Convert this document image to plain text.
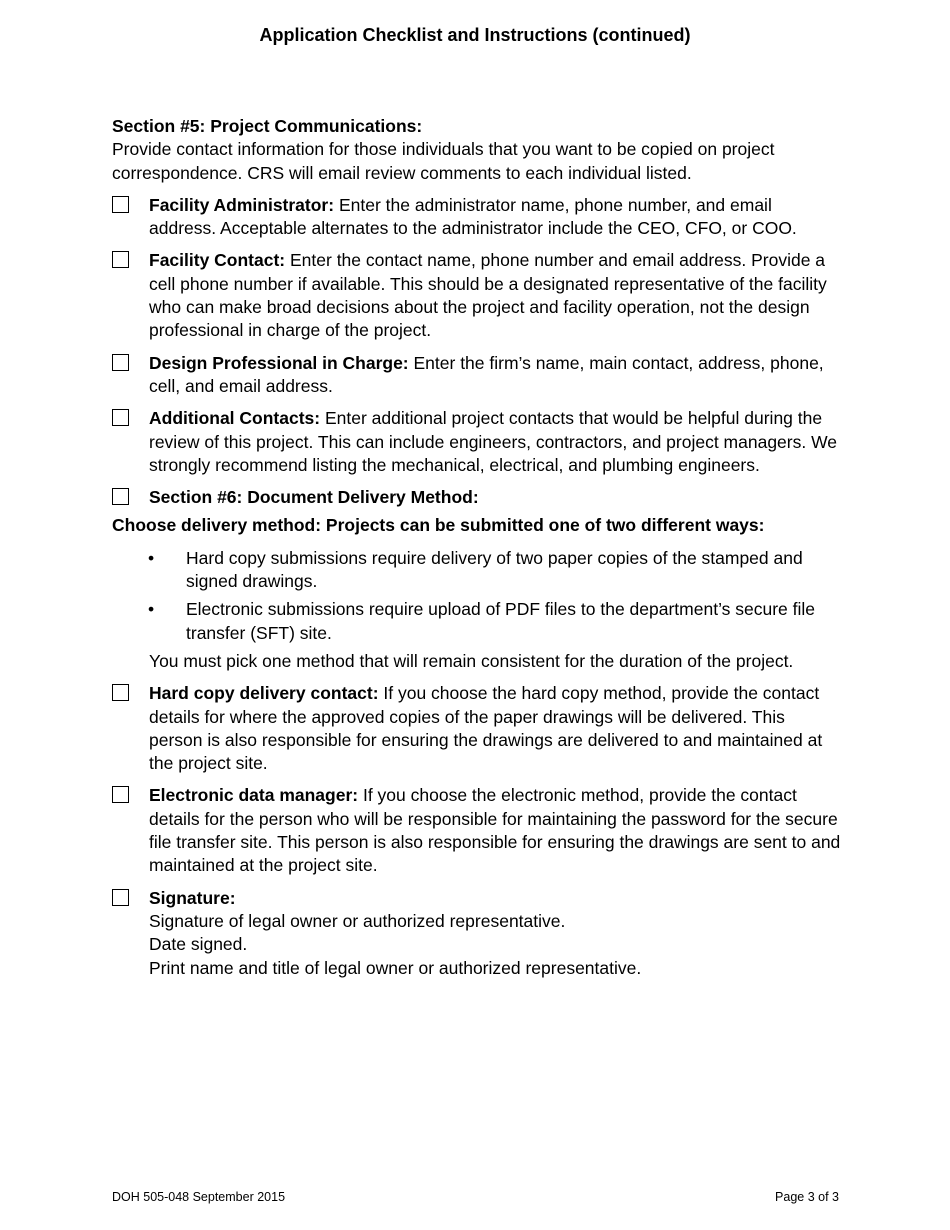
Application Checklist and Instructions (continued)
Section #5: Project Communications:
Provide contact information for those individuals that you want to be copied on project correspondence. CRS will email review comments to each individual listed.
Facility Administrator: Enter the administrator name, phone number, and email address. Acceptable alternates to the administrator include the CEO, CFO, or COO.
Facility Contact: Enter the contact name, phone number and email address. Provide a cell phone number if available. This should be a designated representative of the facility who can make broad decisions about the project and facility operation, not the design professional in charge of the project.
Design Professional in Charge: Enter the firm’s name, main contact, address, phone, cell, and email address.
Additional Contacts: Enter additional project contacts that would be helpful during the review of this project. This can include engineers, contractors, and project managers. We strongly recommend listing the mechanical, electrical, and plumbing engineers.
Section #6: Document Delivery Method:
Choose delivery method: Projects can be submitted one of two different ways:
• Hard copy submissions require delivery of two paper copies of the stamped and signed drawings.
• Electronic submissions require upload of PDF files to the department’s secure file transfer (SFT) site.
You must pick one method that will remain consistent for the duration of the project.
Hard copy delivery contact: If you choose the hard copy method, provide the contact details for where the approved copies of the paper drawings will be delivered. This person is also responsible for ensuring the drawings are delivered to and maintained at the project site.
Electronic data manager: If you choose the electronic method, provide the contact details for the person who will be responsible for maintaining the password for the secure file transfer site. This person is also responsible for ensuring the drawings are sent to and maintained at the project site.
Signature:
Signature of legal owner or authorized representative.
Date signed.
Print name and title of legal owner or authorized representative.
DOH 505-048 September 2015	Page 3 of 3
